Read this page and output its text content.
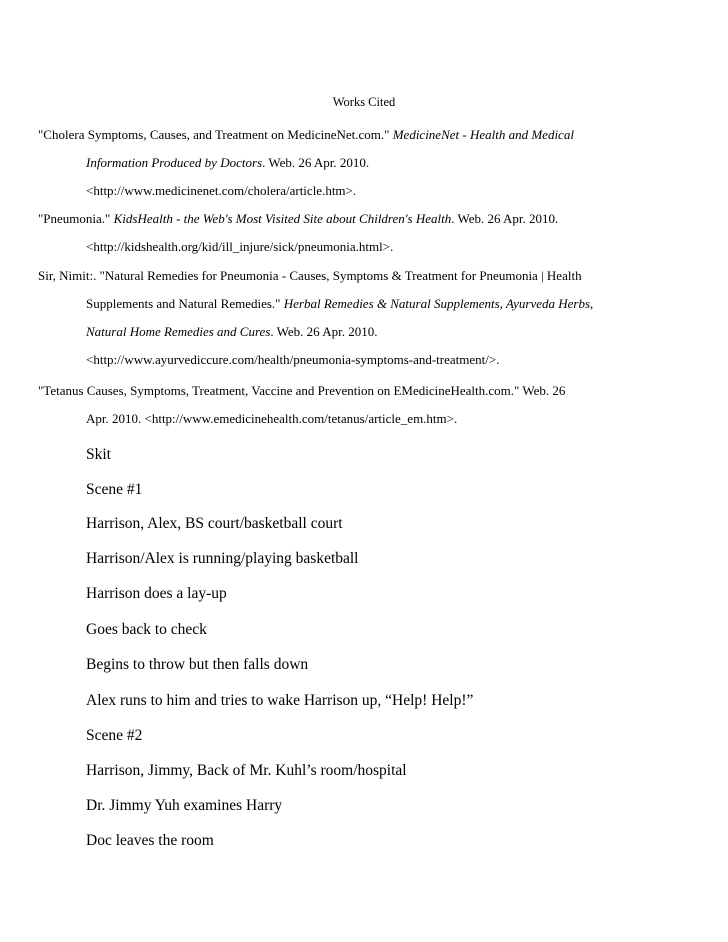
Works Cited
"Cholera Symptoms, Causes, and Treatment on MedicineNet.com." MedicineNet - Health and Medical
Information Produced by Doctors. Web. 26 Apr. 2010.
<http://www.medicinenet.com/cholera/article.htm>.
"Pneumonia." KidsHealth - the Web's Most Visited Site about Children's Health. Web. 26 Apr. 2010.
<http://kidshealth.org/kid/ill_injure/sick/pneumonia.html>.
Sir, Nimit:. "Natural Remedies for Pneumonia - Causes, Symptoms & Treatment for Pneumonia | Health
Supplements and Natural Remedies." Herbal Remedies & Natural Supplements, Ayurveda Herbs,
Natural Home Remedies and Cures. Web. 26 Apr. 2010.
<http://www.ayurvediccure.com/health/pneumonia-symptoms-and-treatment/>.
"Tetanus Causes, Symptoms, Treatment, Vaccine and Prevention on EMedicineHealth.com." Web. 26
Apr. 2010. <http://www.emedicinehealth.com/tetanus/article_em.htm>.
Skit
Scene #1
Harrison, Alex, BS court/basketball court
Harrison/Alex is running/playing basketball
Harrison does a lay-up
Goes back to check
Begins to throw but then falls down
Alex runs to him and tries to wake Harrison up, “Help! Help!”
Scene #2
Harrison, Jimmy, Back of Mr. Kuhl’s room/hospital
Dr. Jimmy Yuh examines Harry
Doc leaves the room
